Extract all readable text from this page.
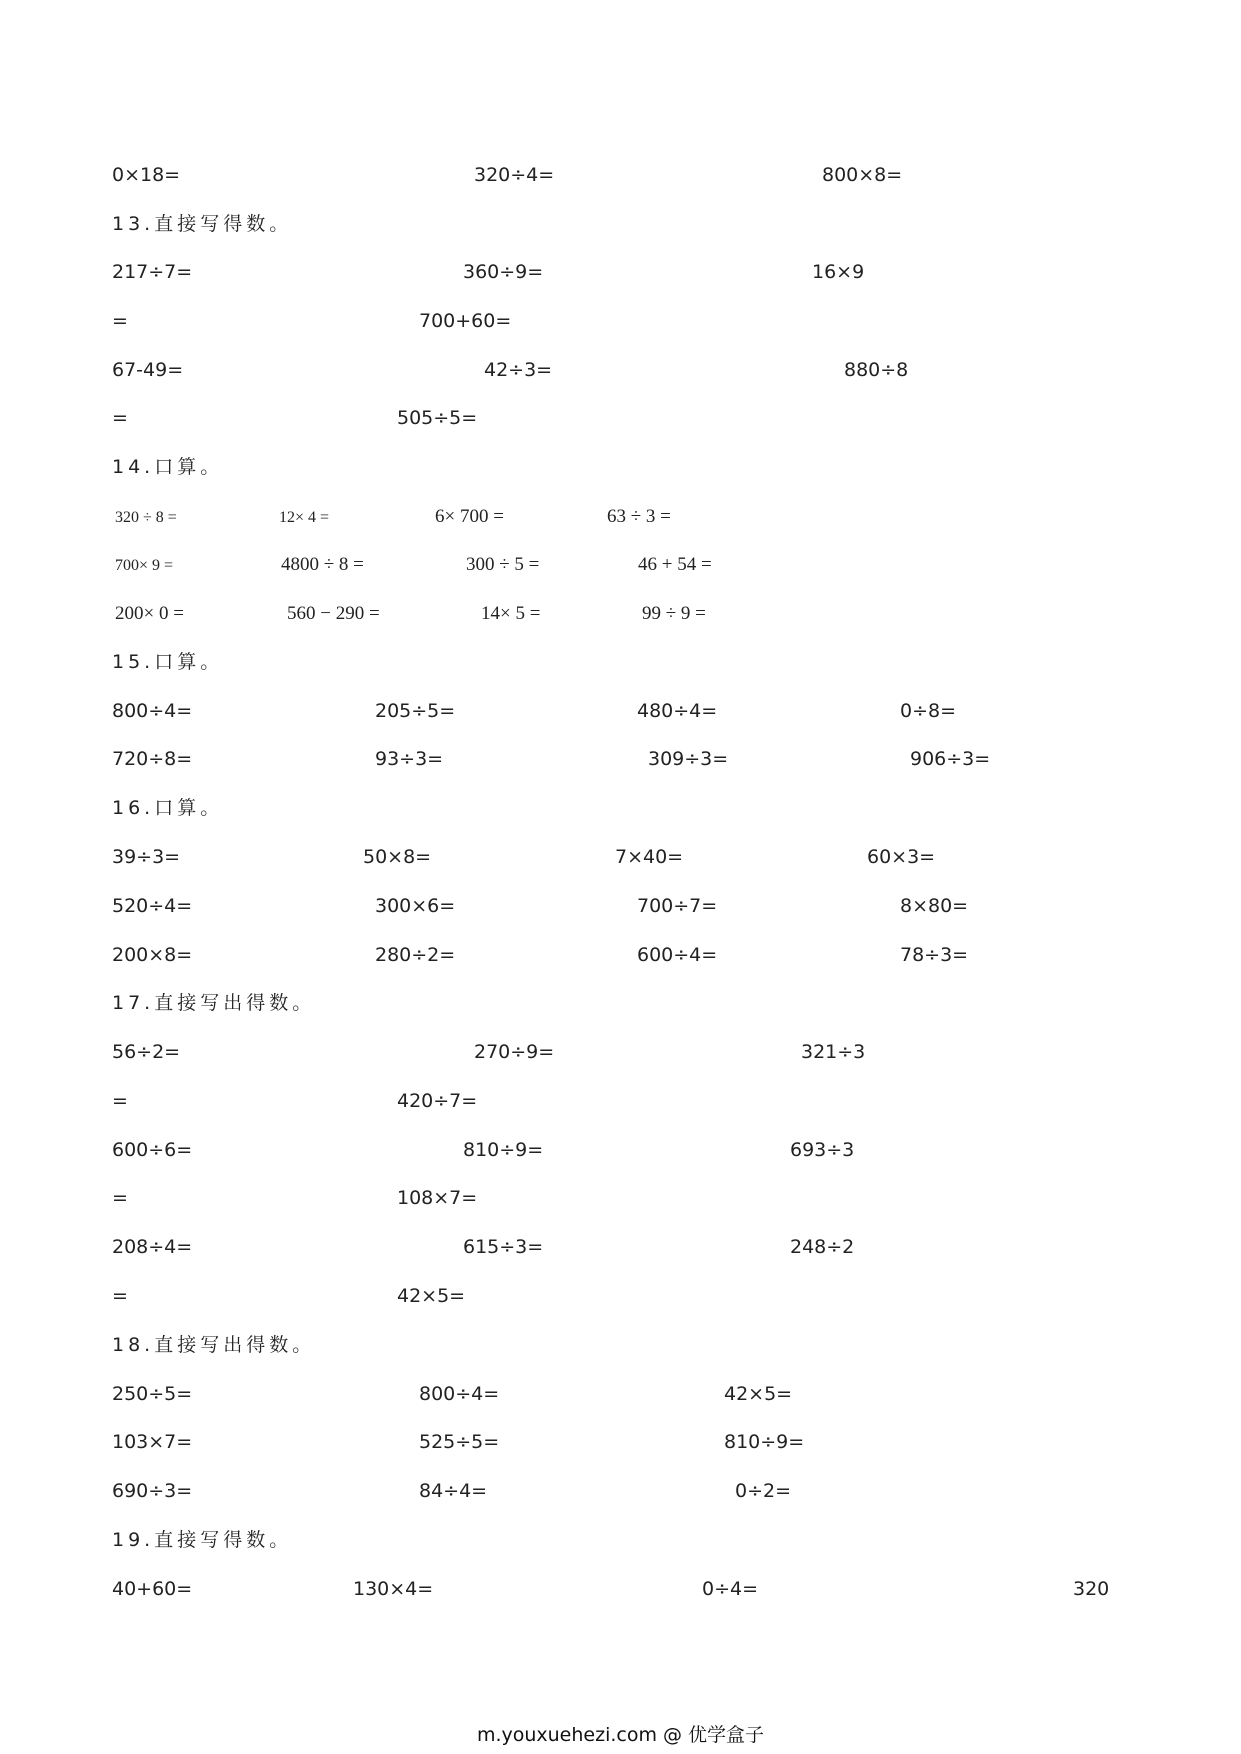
0×18=	320÷4=	800×8=
13.直接写得数。
217÷7=	360÷9=	16×9
=	700+60=
67-49=	42÷3=	880÷8
=	505÷5=
14.口算。
320 ÷ 8 =	12× 4 =	6× 700 =	63 ÷ 3 =
700× 9 =	4800 ÷ 8 =	300 ÷ 5 =	46 + 54 =
200× 0 =	560 − 290 =	14× 5 =	99 ÷ 9 =
15.口算。
800÷4=	205÷5=	480÷4=	0÷8=
720÷8=	93÷3=	309÷3=	906÷3=
16.口算。
39÷3=	50×8=	7×40=	60×3=
520÷4=	300×6=	700÷7=	8×80=
200×8=	280÷2=	600÷4=	78÷3=
17.直接写出得数。
56÷2=	270÷9=	321÷3
=	420÷7=
600÷6=	810÷9=	693÷3
=	108×7=
208÷4=	615÷3=	248÷2
=	42×5=
18.直接写出得数。
250÷5=	800÷4=	42×5=
103×7=	525÷5=	810÷9=
690÷3=	84÷4=	0÷2=
19.直接写得数。
40+60=	130×4=	0÷4=	320
m.youxuehezi.com @ 优学盒子
